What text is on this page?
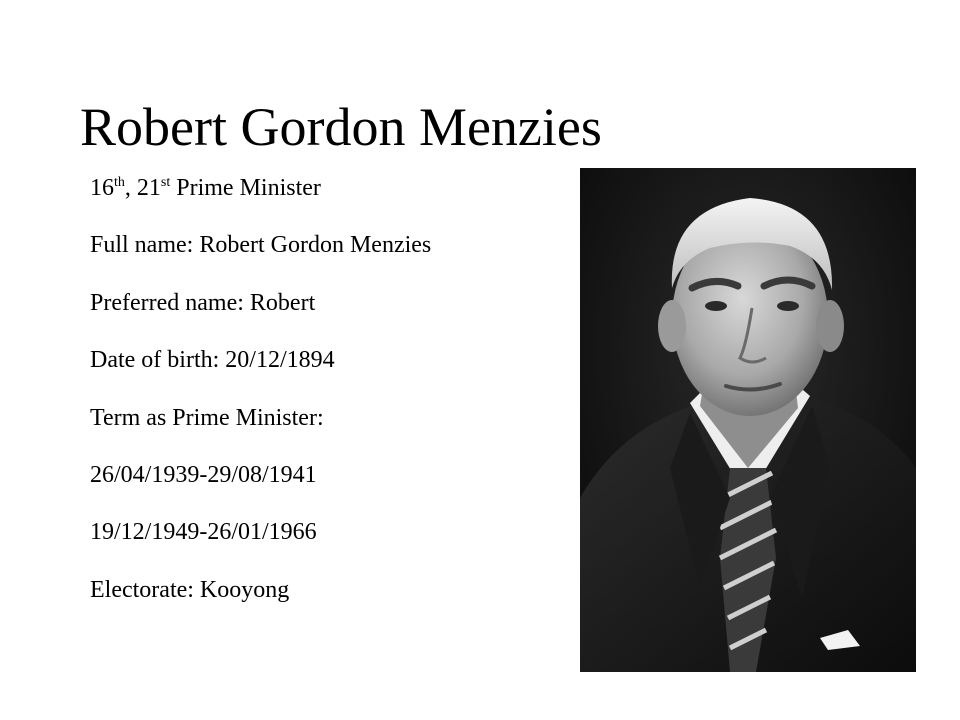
Robert Gordon Menzies
16th, 21st Prime Minister
Full name: Robert Gordon Menzies
Preferred name: Robert
Date of birth: 20/12/1894
Term as Prime Minister:
26/04/1939-29/08/1941
19/12/1949-26/01/1966
Electorate: Kooyong
